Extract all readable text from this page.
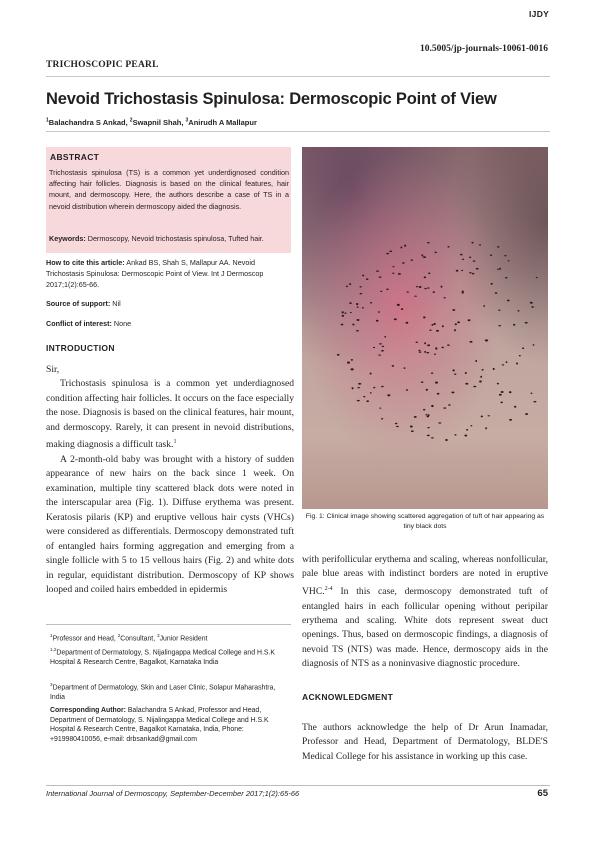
IJDY
10.5005/jp-journals-10061-0016
TRICHOSCOPIC PEARL
Nevoid Trichostasis Spinulosa: Dermoscopic Point of View
$^1$Balachandra S Ankad, $^2$Swapnil Shah, $^3$Anirudh A Mallapur
ABSTRACT
Trichostasis spinulosa (TS) is a common yet underdignosed condition affecting hair follicles. Diagnosis is based on the clinical features, hair mount, and dermoscopy. Here, the authors describe a case of TS in a nevoid distribution wherein dermoscopy aided the diagnosis.
Keywords: Dermoscopy, Nevoid trichostasis spinulosa, Tufted hair.
How to cite this article: Ankad BS, Shah S, Mallapur AA. Nevoid Trichostasis Spinulosa: Dermoscopic Point of View. Int J Dermoscop 2017;1(2):65-66.
Source of support: Nil
Conflict of interest: None
INTRODUCTION

Sir,

Trichostasis spinulosa is a common yet underdiagnosed condition affecting hair follicles. It occurs on the face especially the nose. Diagnosis is based on the clinical features, hair mount, and dermoscopy. Rarely, it can present in nevoid distributions, making diagnosis a difficult task.$^1$

A 2-month-old baby was brought with a history of sudden appearance of new hairs on the back since 1 week. On examination, multiple tiny scattered black dots were noted in the interscapular area (Fig. 1). Diffuse erythema was present. Keratosis pilaris (KP) and eruptive vellous hair cysts (VHCs) were considered as differentials. Dermoscopy demonstrated tuft of entangled hairs forming aggregation and emerging from a single follicle with 5 to 15 vellous hairs (Fig. 2) and white dots in regular, equidistant distribution. Dermoscopy of KP shows looped and coiled hairs embedded in epidermis

Fig. 1: Clinical image showing scattered aggregation of tuft of hair appearing as tiny black dots

with perifollicular erythema and scaling, whereas nonfollicular, pale blue areas with indistinct borders are noted in eruptive VHC.$^{2-4}$ In this case, dermoscopy demonstrated tuft of entangled hairs in each follicular opening without peripilar erythema and scaling. White dots represent sweat duct openings. Thus, based on dermoscopic findings, a diagnosis of nevoid TS (NTS) was made. Hence, dermoscopy aids in the diagnosis of NTS as a noninvasive diagnostic procedure.

ACKNOWLEDGMENT

The authors acknowledge the help of Dr Arun Inamadar, Professor and Head, Department of Dermatology, BLDE'S Medical College for his assistance in working up this case.

$^1$Professor and Head, $^2$Consultant, $^3$Junior Resident
$^{1,2}$Department of Dermatology, S. Nijalingappa Medical College and H.S.K Hospital & Research Centre, Bagalkot, Karnataka India
$^3$Department of Dermatology, Skin and Laser Clinic, Solapur Maharashtra, India
Corresponding Author: Balachandra S Ankad, Professor and Head, Department of Dermatology, S. Nijalingappa Medical College and H.S.K Hospital & Research Centre, Bagalkot Karnataka, India, Phone: +919980410056, e-mail: drbsankad@gmail.com
International Journal of Dermoscopy, September-December 2017;1(2):65-66	65
